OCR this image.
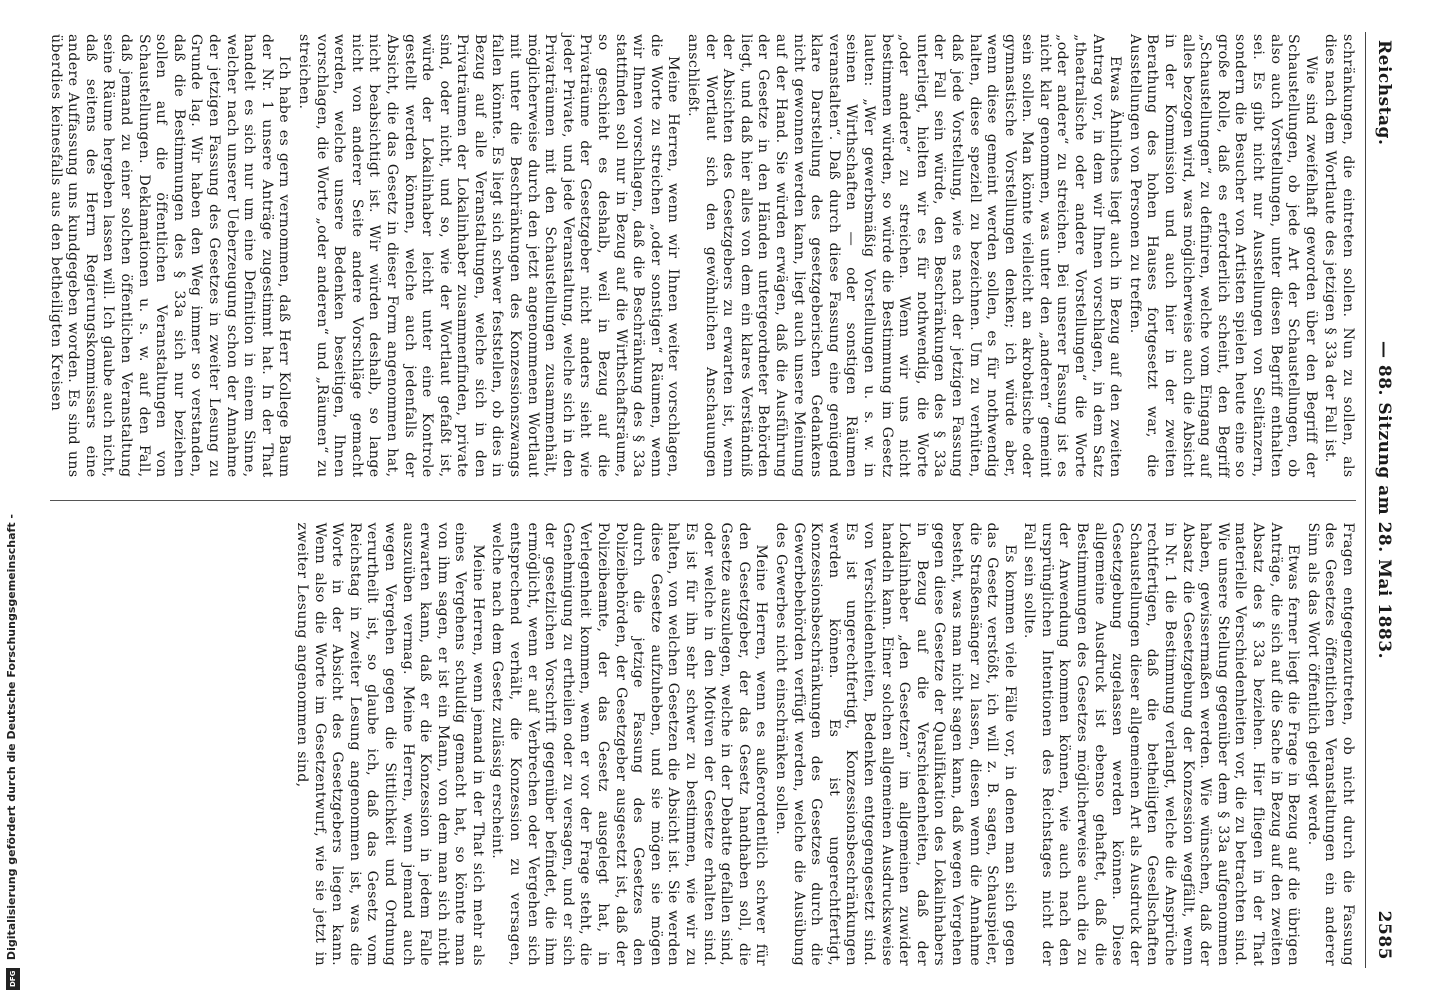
Reichstag.
— 88. Sitzung am 28. Mai 1883.
2585

schränkungen, die eintreten sollen. Nun zu sollen, als dies nach dem Wortlaute des jetzigen § 33a der Fall ist.

Wie sind zweifelhaft geworden über den Begriff der Schaustellungen, ob jede Art der Schaustellungen, ob also auch Vorstellungen, unter diesen Begriff enthalten sei. Es gibt nicht nur Ausstellungen von Seiltänzern, sondern die Besucher von Artisten spielen heute eine so große Rolle, daß es erforderlich scheint, den Begriff „Schaustellungen“ zu definiren, welche vom Eingang auf alles bezogen wird, was möglicherweise auch die Absicht in der Kommission und auch hier in der zweiten Berathung des hohen Hauses fortgesetzt war, die Ausstellungen von Personen zu treffen.

Etwas Ähnliches liegt auch in Bezug auf den zweiten Antrag vor, in dem wir Ihnen vorschlagen, in dem Satz „theatralische oder andere Vorstellungen“ die Worte „oder andere“ zu streichen. Bei unserer Fassung ist es nicht klar genommen, was unter den „anderen“ gemeint sein sollen. Man könnte vielleicht an akrobatische oder gymnastische Vorstellungen denken; ich würde aber, wenn diese gemeint werden sollen, es für nothwendig halten, diese speziell zu bezeichnen. Um zu verhüten, daß jede Vorstellung, wie es nach der jetzigen Fassung der Fall sein würde, den Beschränkungen des § 33a unterliegt, hielten wir es für nothwendig, die Worte „oder andere“ zu streichen. Wenn wir uns nicht bestimmen würden, so würde die Bestimmung im Gesetz lauten: „Wer gewerbsmäßig Vorstellungen u. s. w. in seinen Wirthschaften — oder sonstigen Räumen veranstalten“. Daß durch diese Fassung eine genügend klare Darstellung des gesetzgeberischen Gedankens nicht gewonnen werden kann, liegt auch unsere Meinung auf der Hand. Sie würden erwägen, daß die Ausführung der Gesetze in den Händen untergeordneter Behörden liegt, und daß hier alles von dem ein klares Verständniß der Absichten des Gesetzgebers zu erwarten ist, wenn der Wortlaut sich den gewöhnlichen Anschauungen anschließt.

Meine Herren, wenn wir Ihnen weiter vorschlagen, die Worte zu streichen „oder sonstigen“ Räumen, wenn wir Ihnen vorschlagen, daß die Beschränkung des § 33a stattfinden soll nur in Bezug auf die Wirthschaftsräume, so geschieht es deshalb, weil in Bezug auf die Privaträume der Gesetzgeber nicht anders sieht wie jeder Private, und jede Veranstaltung, welche sich in den Privaträumen mit den Schaustellungen zusammenhält, möglicherweise durch den jetzt angenommenen Wortlaut mit unter die Beschränkungen des Konzessionszwangs fallen könnte. Es liegt sich schwer feststellen, ob dies in Bezug auf alle Veranstaltungen, welche sich in den Privaträumen der Lokalinhaber zusammenfinden, private sind, oder nicht, und so, wie der Wortlaut gefaßt ist, würde der Lokalinhaber leicht unter eine Kontrole gestellt werden können, welche auch jedenfalls der Absicht, die das Gesetz in dieser Form angenommen hat, nicht beabsichtigt ist. Wir würden deshalb, so lange nicht von anderer Seite andere Vorschläge gemacht werden, welche unsere Bedenken beseitigen, Ihnen vorschlagen, die Worte „oder anderen“ und „Räumen“ zu streichen.

Ich habe es gern vernommen, daß Herr Kollege Baum der Nr. 1 unsere Anträge zugestimmt hat. In der That handelt es sich nur um eine Definition in einem Sinne, welcher nach unserer Ueberzeugung schon der Annahme der jetzigen Fassung des Gesetzes in zweiter Lesung zu Grunde lag. Wir haben den Weg immer so verstanden, daß die Bestimmungen des § 33a sich nur beziehen sollen auf die öffentlichen Veranstaltungen von Schaustellungen. Deklamationen u. s. w. auf den Fall, daß jemand zu einer solchen öffentlichen Veranstaltung seine Räume hergeben lassen will. Ich glaube auch nicht, daß seitens des Herrn Regierungskommissars eine andere Auffassung uns kundgegeben worden. Es sind uns überdies keinesfalls aus den betheiligten Kreisen

Fragen entgegenzutreten, ob nicht durch die Fassung des Gesetzes öffentlichen Veranstaltungen ein anderer Sinn als das Wort öffentlich gelegt werde.

Etwas ferner liegt die Frage in Bezug auf die übrigen Anträge, die sich auf die Sache in Bezug auf den zweiten Absatz des § 33a beziehen. Hier fliegen in der That materielle Verschiedenheiten vor, die zu betrachten sind. Wie unsere Stellung gegenüber dem § 33a aufgenommen haben, gewissermaßen werden. Wie wünschen, daß der Absatz die Gesetzgebung der Konzession wegfällt, wenn in Nr. 1 die Bestimmung verlangt, welche die Ansprüche rechtfertigen, daß die betheiligten Gesellschaften Schaustellungen dieser allgemeinen Art als Ausdruck der Gesetzgebung zugelassen werden können. Diese allgemeine Ausdruck ist ebenso gehaftet, daß die Bestimmungen des Gesetzes möglicherweise auch die zu der Anwendung kommen können, wie auch nach den ursprünglichen Intentionen des Reichstages nicht der Fall sein sollte.

Es kommen viele Fälle vor, in denen man sich gegen das Gesetz verstößt, ich will z. B. sagen, Schauspieler, die Straßensänger zu lassen, diesen wenn die Annahme besteht, was man nicht sagen kann, daß wegen Vergehen gegen diese Gesetze der Qualifikation des Lokalinhabers in Bezug auf die Verschiedenheiten, daß der Lokalinhaber „den Gesetzen“ im allgemeinen zuwider handeln kann. Einer solchen allgemeinen Ausdrucksweise von Verschiedenheiten, Bedenken entgegengesetzt sind. Es ist ungerechtfertigt, Konzessionsbeschränkungen werden können. Es ist ungerechtfertigt, Konzessionsbeschränkungen des Gesetzes durch die Gewerbebehörden verfügt werden, welche die Ausübung des Gewerbes nicht einschränken sollen.

Meine Herren, wenn es außerordentlich schwer für den Gesetzgeber, der das Gesetz handhaben soll, die Gesetze auszulegen, welche in der Debatte gefallen sind, oder welche in den Motiven der Gesetze erhalten sind. Es ist für ihn sehr schwer zu bestimmen, wie wir zu halten, von welchen Gesetzen die Absicht ist. Sie werden diese Gesetze aufzuheben, und sie mögen sie mögen durch die jetzige Fassung des Gesetzes den Polizeibehörden, der Gesetzgeber ausgesetzt ist, daß der Polizeibeamte, der das Gesetz ausgelegt hat, in Verlegenheit kommen, wenn er vor der Frage steht, die Genehmigung zu ertheilen oder zu versagen, und er sich der gesetzlichen Vorschrift gegenüber befindet, die ihm ermöglicht, wenn er auf Verbrechen oder Vergehen sich entsprechend verhält, die Konzession zu versagen, welche nach dem Gesetz zulässig erscheint.

Meine Herren, wenn jemand in der That sich mehr als eines Vergehens schuldig gemacht hat, so könnte man von ihm sagen, er ist ein Mann, von dem man sich nicht erwarten kann, daß er die Konzession in jedem Falle auszuüben vermag. Meine Herren, wenn jemand auch wegen Vergehen gegen die Sittlichkeit und Ordnung verurtheilt ist, so glaube ich, daß das Gesetz vom Reichstag in zweiter Lesung angenommen ist, was die Worte in der Absicht des Gesetzgebers liegen kann. Wenn also die Worte im Gesetzentwurf, wie sie jetzt in zweiter Lesung angenommen sind,

Digitalisierung gefördert durch die Deutsche Forschungsgemeinschaft -
DFG
